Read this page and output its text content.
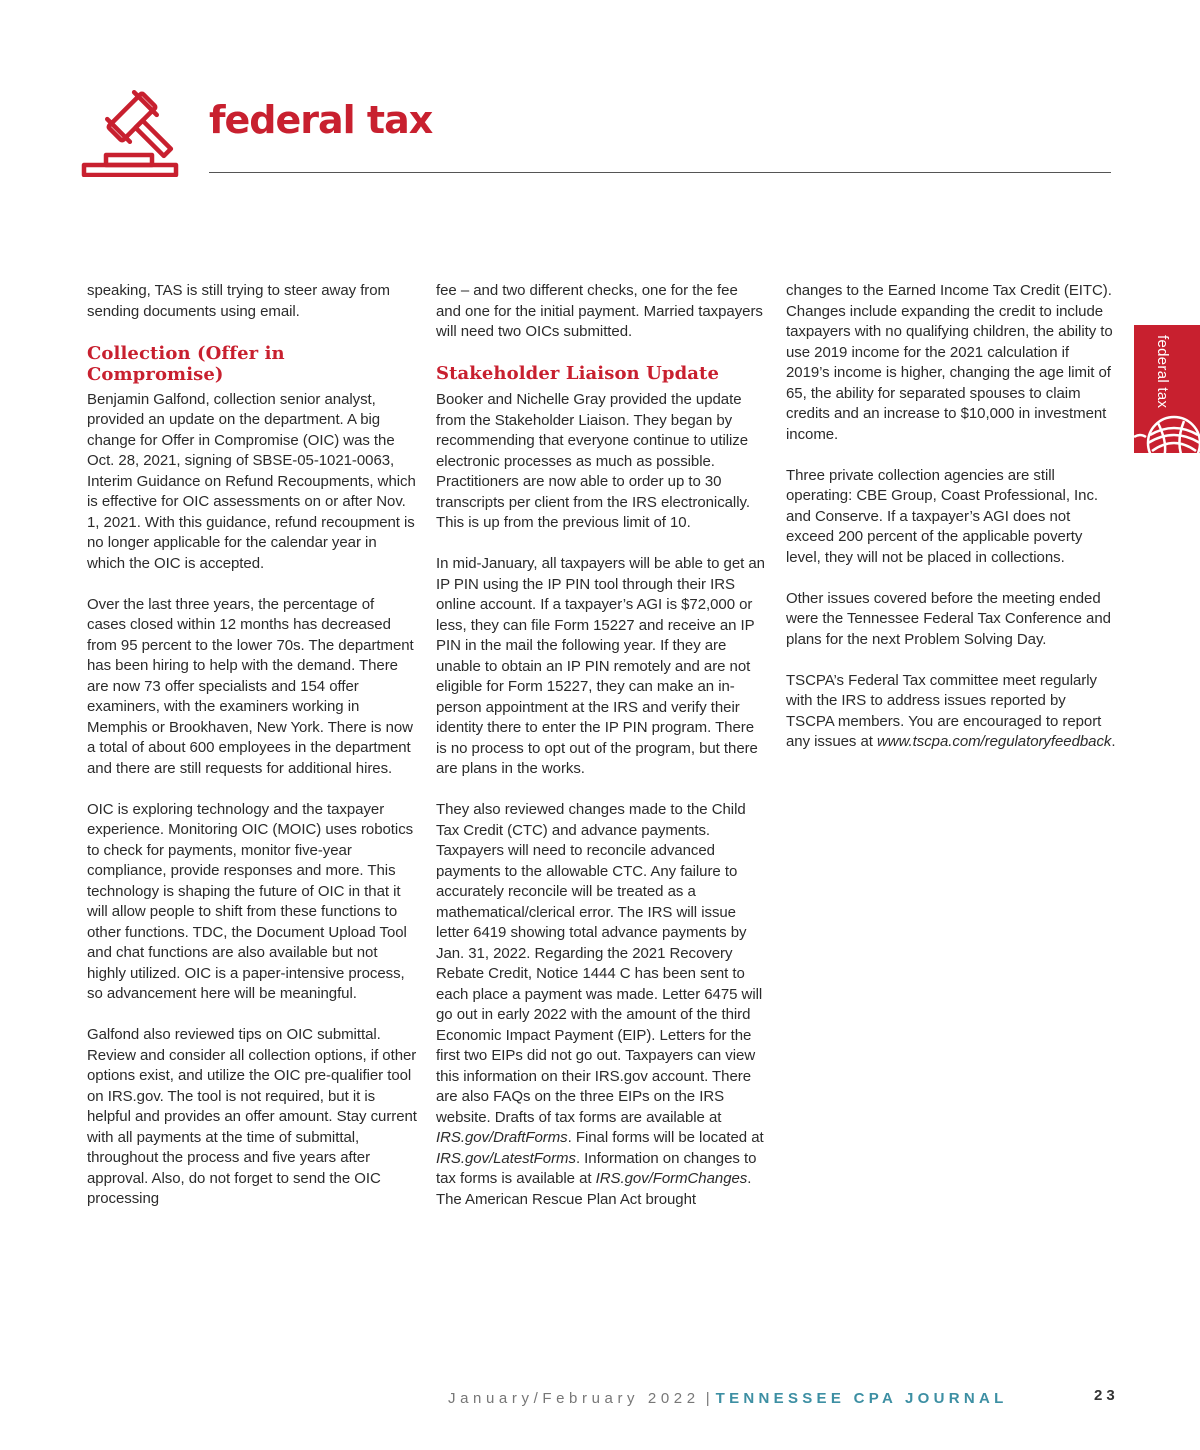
federal tax
federal tax

speaking, TAS is still trying to steer away from sending documents using email.

Collection (Offer in Compromise)

Benjamin Galfond, collection senior analyst, provided an update on the department. A big change for Offer in Compromise (OIC) was the Oct. 28, 2021, signing of SBSE-05-1021-0063, Interim Guidance on Refund Recoupments, which is effective for OIC assessments on or after Nov. 1, 2021. With this guidance, refund recoupment is no longer applicable for the calendar year in which the OIC is accepted.

Over the last three years, the percentage of cases closed within 12 months has decreased from 95 percent to the lower 70s. The department has been hiring to help with the demand. There are now 73 offer specialists and 154 offer examiners, with the examiners working in Memphis or Brookhaven, New York. There is now a total of about 600 employees in the department and there are still requests for additional hires.

OIC is exploring technology and the taxpayer experience. Monitoring OIC (MOIC) uses robotics to check for payments, monitor five-year compliance, provide responses and more. This technology is shaping the future of OIC in that it will allow people to shift from these functions to other functions. TDC, the Document Upload Tool and chat functions are also available but not highly utilized. OIC is a paper-intensive process, so advancement here will be meaningful.

Galfond also reviewed tips on OIC submittal. Review and consider all collection options, if other options exist, and utilize the OIC pre-qualifier tool on IRS.gov. The tool is not required, but it is helpful and provides an offer amount. Stay current with all payments at the time of submittal, throughout the process and five years after approval. Also, do not forget to send the OIC processing

fee – and two different checks, one for the fee and one for the initial payment. Married taxpayers will need two OICs submitted.

Stakeholder Liaison Update

Booker and Nichelle Gray provided the update from the Stakeholder Liaison. They began by recommending that everyone continue to utilize electronic processes as much as possible. Practitioners are now able to order up to 30 transcripts per client from the IRS electronically. This is up from the previous limit of 10.

In mid-January, all taxpayers will be able to get an IP PIN using the IP PIN tool through their IRS online account. If a taxpayer’s AGI is $72,000 or less, they can file Form 15227 and receive an IP PIN in the mail the following year. If they are unable to obtain an IP PIN remotely and are not eligible for Form 15227, they can make an in-person appointment at the IRS and verify their identity there to enter the IP PIN program. There is no process to opt out of the program, but there are plans in the works.

They also reviewed changes made to the Child Tax Credit (CTC) and advance payments. Taxpayers will need to reconcile advanced payments to the allowable CTC. Any failure to accurately reconcile will be treated as a mathematical/clerical error. The IRS will issue letter 6419 showing total advance payments by Jan. 31, 2022. Regarding the 2021 Recovery Rebate Credit, Notice 1444 C has been sent to each place a payment was made. Letter 6475 will go out in early 2022 with the amount of the third Economic Impact Payment (EIP). Letters for the first two EIPs did not go out. Taxpayers can view this information on their IRS.gov account. There are also FAQs on the three EIPs on the IRS website. Drafts of tax forms are available at IRS.gov/DraftForms. Final forms will be located at IRS.gov/LatestForms. Information on changes to tax forms is available at IRS.gov/FormChanges.

The American Rescue Plan Act brought

changes to the Earned Income Tax Credit (EITC). Changes include expanding the credit to include taxpayers with no qualifying children, the ability to use 2019 income for the 2021 calculation if 2019’s income is higher, changing the age limit of 65, the ability for separated spouses to claim credits and an increase to $10,000 in investment income.

Three private collection agencies are still operating: CBE Group, Coast Professional, Inc. and Conserve. If a taxpayer’s AGI does not exceed 200 percent of the applicable poverty level, they will not be placed in collections.

Other issues covered before the meeting ended were the Tennessee Federal Tax Conference and plans for the next Problem Solving Day.

TSCPA’s Federal Tax committee meet regularly with the IRS to address issues reported by TSCPA members. You are encouraged to report any issues at www.tscpa.com/regulatoryfeedback.

January/February 2022 | TENNESSEE CPA JOURNAL	23
